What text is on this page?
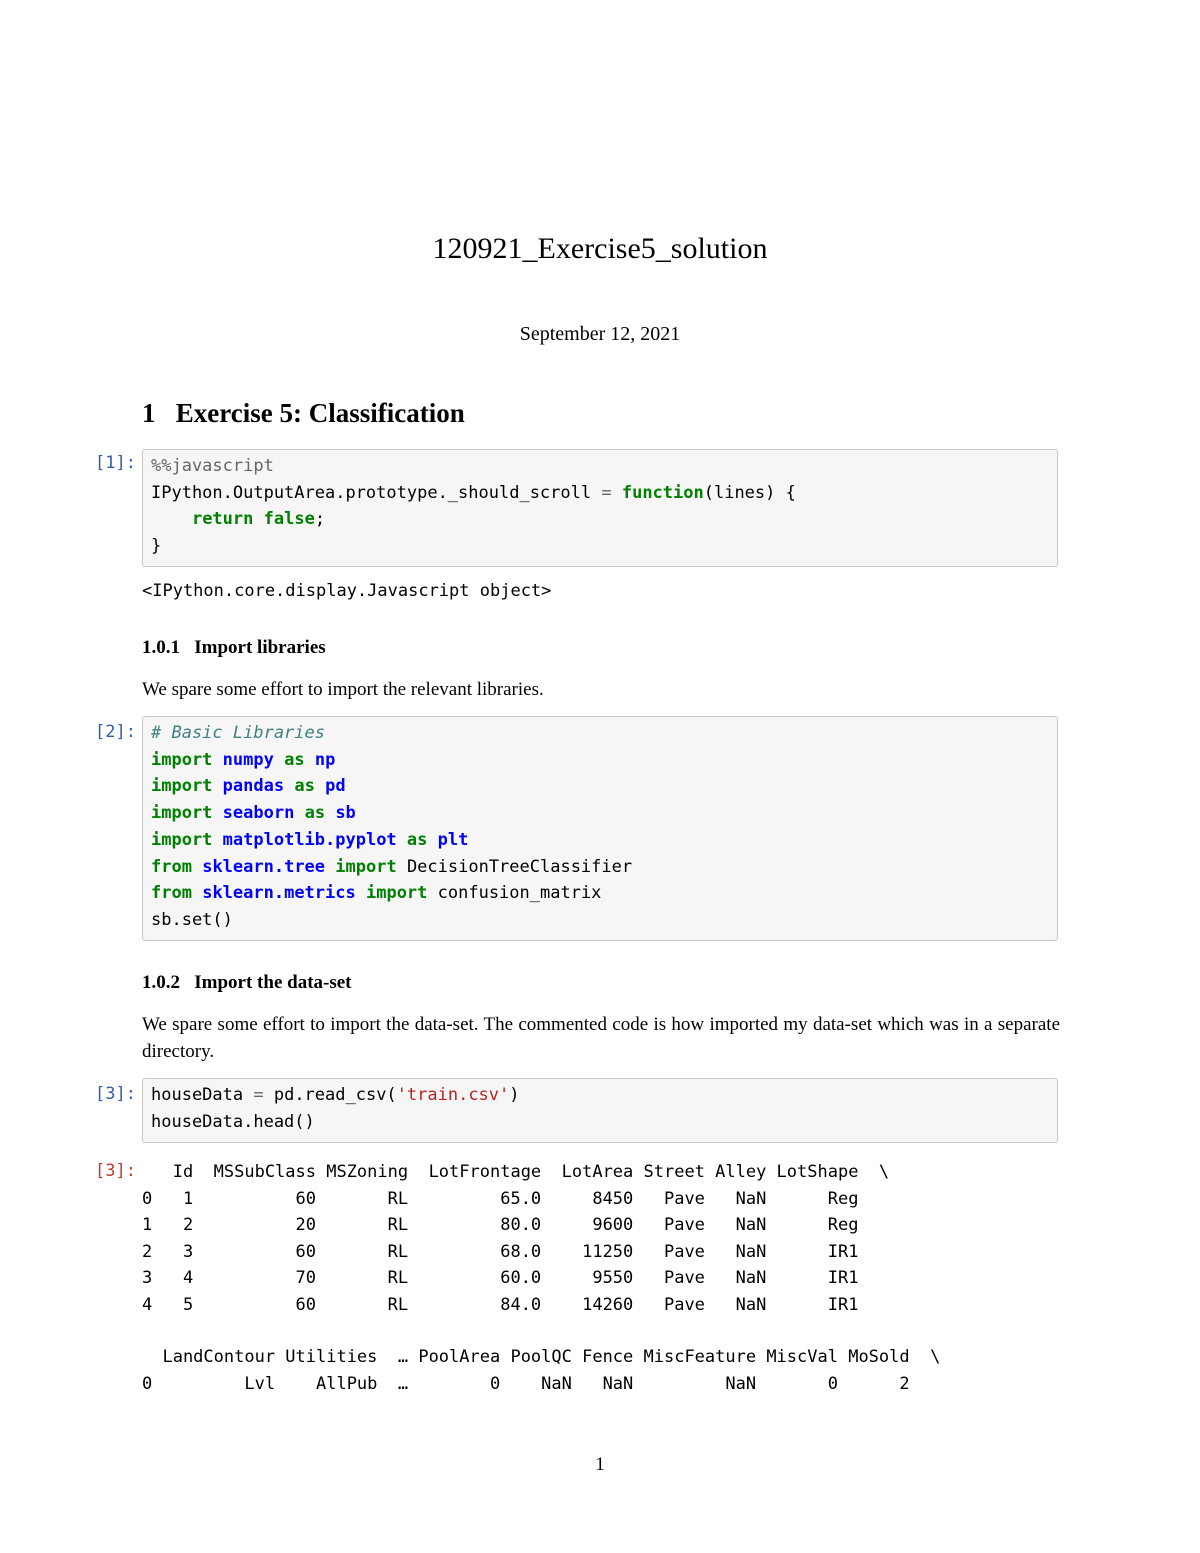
120921_Exercise5_solution
September 12, 2021
1 Exercise 5: Classification
[1]: %%javascript
IPython.OutputArea.prototype._should_scroll = function(lines) {
return false;
}
<IPython.core.display.Javascript object>
1.0.1 Import libraries
We spare some effort to import the relevant libraries.
[2]: # Basic Libraries
import numpy as np
import pandas as pd
import seaborn as sb
import matplotlib.pyplot as plt
from sklearn.tree import DecisionTreeClassifier
from sklearn.metrics import confusion_matrix
sb.set()
1.0.2 Import the data-set
We spare some effort to import the data-set. The commented code is how imported my data-set which was in a separate directory.
[3]: houseData = pd.read_csv('train.csv')
houseData.head()
[3]: Id  MSSubClass MSZoning  LotFrontage  LotArea Street Alley LotShape  \
0   1          60       RL         65.0     8450   Pave   NaN      Reg
1   2          20       RL         80.0     9600   Pave   NaN      Reg
2   3          60       RL         68.0    11250   Pave   NaN      IR1
3   4          70       RL         60.0     9550   Pave   NaN      IR1
4   5          60       RL         84.0    14260   Pave   NaN      IR1
LandContour Utilities  … PoolArea PoolQC Fence MiscFeature MiscVal MoSold  \
0         Lvl    AllPub  …        0    NaN   NaN         NaN       0      2
1
